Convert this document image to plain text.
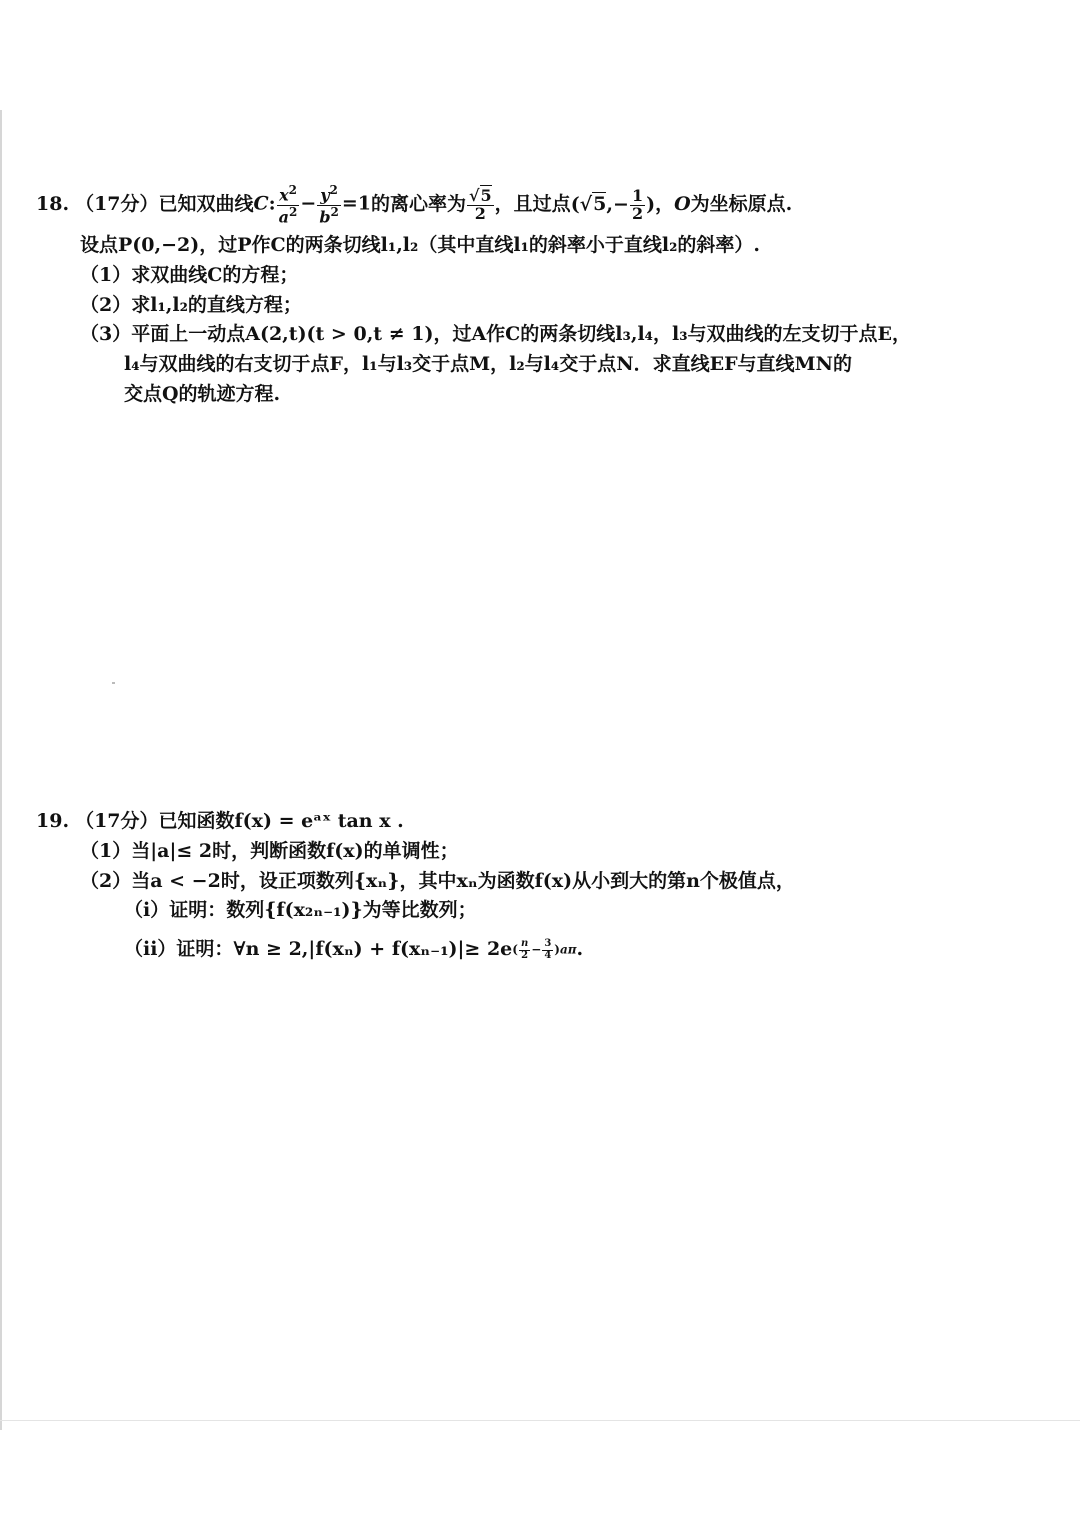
18. （17分）已知双曲线 C: $\frac{x^2}{a^2} - \frac{y^2}{b^2} =1$ 的离心率为 $\frac{√5}{2}$ ，且过点 ($√5,- \frac{1}{2}$ ) ， O 为坐标原点.
设点P(0,−2)，过P作C的两条切线l₁,l₂（其中直线l₁的斜率小于直线l₂的斜率）.
（1）求双曲线C的方程；
（2）求l₁,l₂的直线方程；
（3）平面上一动点A(2,t)(t > 0,t ≠ 1)，过A作C的两条切线l₃,l₄，l₃与双曲线的左支切于点E，
l₄与双曲线的右支切于点F，l₁与l₃交于点M，l₂与l₄交于点N．求直线EF与直线MN的
交点Q的轨迹方程.
19. （17分）已知函数f(x) = eᵃˣ tan x .
（1）当|a|≤ 2时，判断函数f(x)的单调性；
（2）当a < −2时，设正项数列{xₙ}，其中xₙ为函数f(x)从小到大的第n个极值点，
（i）证明：数列{f(x₂ₙ₋₁)}为等比数列；
（ii）证明：∀n ≥ 2,|f(xₙ) + f(xₙ₋₁)|≥ 2e ( $\frac{n}{2} - \frac{3}{4} )a\pi$ .
